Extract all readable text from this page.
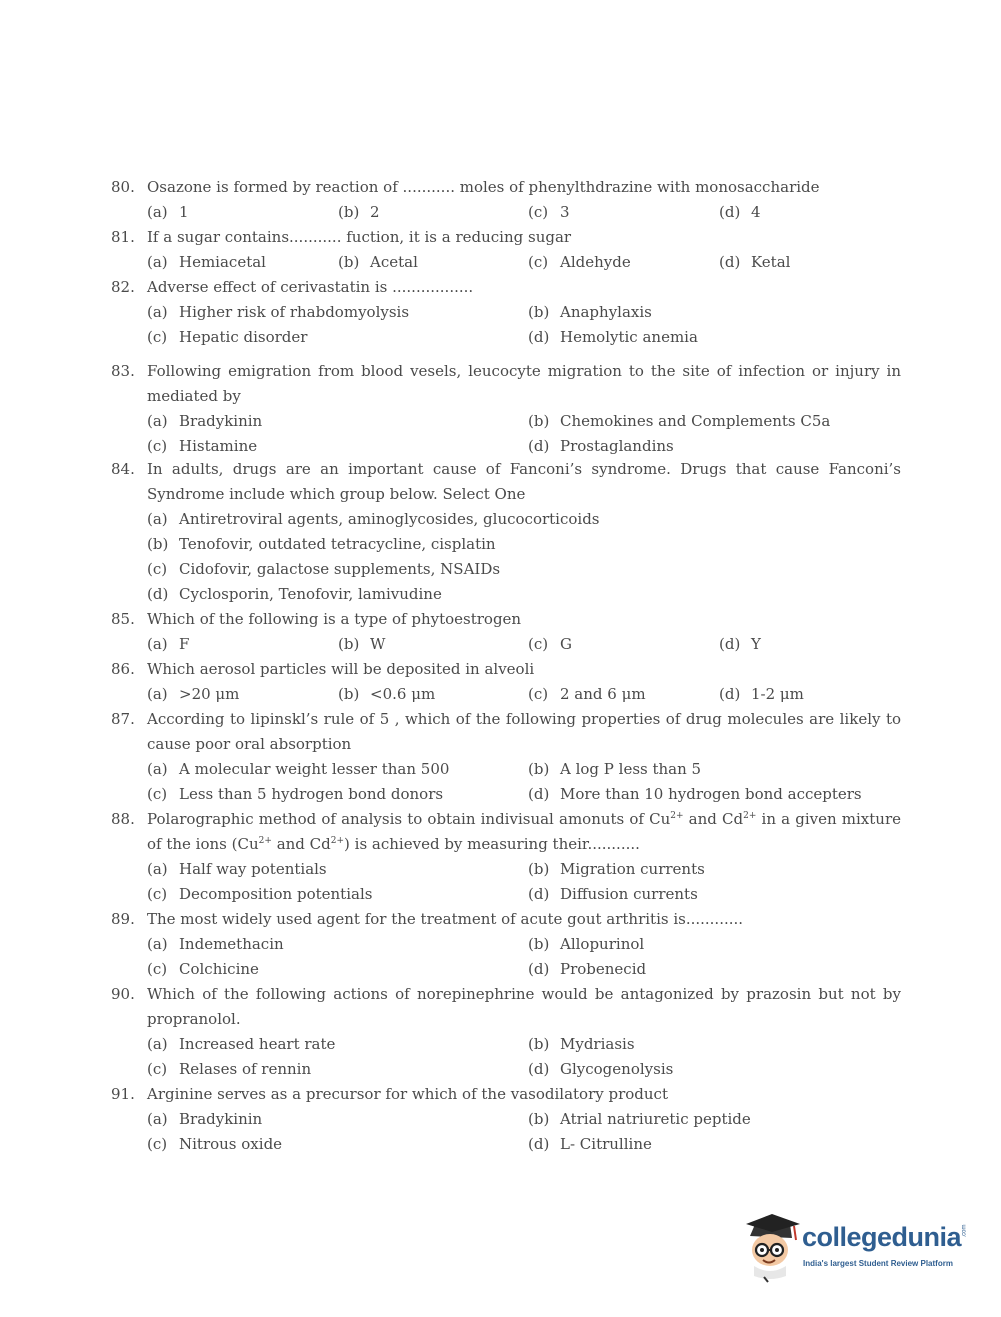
80. Osazone is formed by reaction of ........... moles of phenylthdrazine with monosaccharide
(a) 1	(b) 2	(c) 3	(d) 4
81. If a sugar contains........... fuction, it is a reducing sugar
(a) Hemiacetal	(b) Acetal	(c) Aldehyde	(d) Ketal
82. Adverse effect of cerivastatin is .................
(a) Higher risk of rhabdomyolysis	(b) Anaphylaxis
(c) Hepatic disorder	(d) Hemolytic anemia
83. Following emigration from blood vesels, leucocyte migration to the site of infection or injury in mediated by
(a) Bradykinin	(b) Chemokines and Complements C5a
(c) Histamine	(d) Prostaglandins
84. In adults, drugs are an important cause of Fanconi’s syndrome. Drugs that cause Fanconi’s Syndrome include which group below. Select One
(a) Antiretroviral agents, aminoglycosides, glucocorticoids
(b) Tenofovir, outdated tetracycline, cisplatin
(c) Cidofovir, galactose supplements, NSAIDs
(d) Cyclosporin, Tenofovir, lamivudine
85. Which of the following is a type of phytoestrogen
(a) F	(b) W	(c) G	(d) Y
86. Which aerosol particles will be deposited in alveoli
(a) >20 μm	(b) <0.6 μm	(c) 2 and 6 μm	(d) 1-2 μm
87. According to lipinskl’s rule of 5 , which of the following properties of drug molecules are likely to cause poor oral absorption
(a) A molecular weight lesser than 500	(b) A log P less than 5
(c) Less than 5 hydrogen bond donors	(d) More than 10 hydrogen bond accepters
88. Polarographic method of analysis to obtain indivisual amonuts of $Cu^{2+}$ and $Cd^{2+}$ in a given mixture of the ions ($Cu^{2+}$ and $Cd^{2+}$) is achieved by measuring their...........
(a) Half way potentials	(b) Migration currents
(c) Decomposition potentials	(d) Diffusion currents
89. The most widely used agent for the treatment of acute gout arthritis is............
(a) Indemethacin	(b) Allopurinol
(c) Colchicine	(d) Probenecid
90. Which of the following actions of norepinephrine would be antagonized by prazosin but not by propranolol.
(a) Increased heart rate	(b) Mydriasis
(c) Relases of rennin	(d) Glycogenolysis
91. Arginine serves as a precursor for which of the vasodilatory product
(a) Bradykinin	(b) Atrial natriuretic peptide
(c) Nitrous oxide	(d) L- Citrulline
collegedunia .com
India's largest Student Review Platform
